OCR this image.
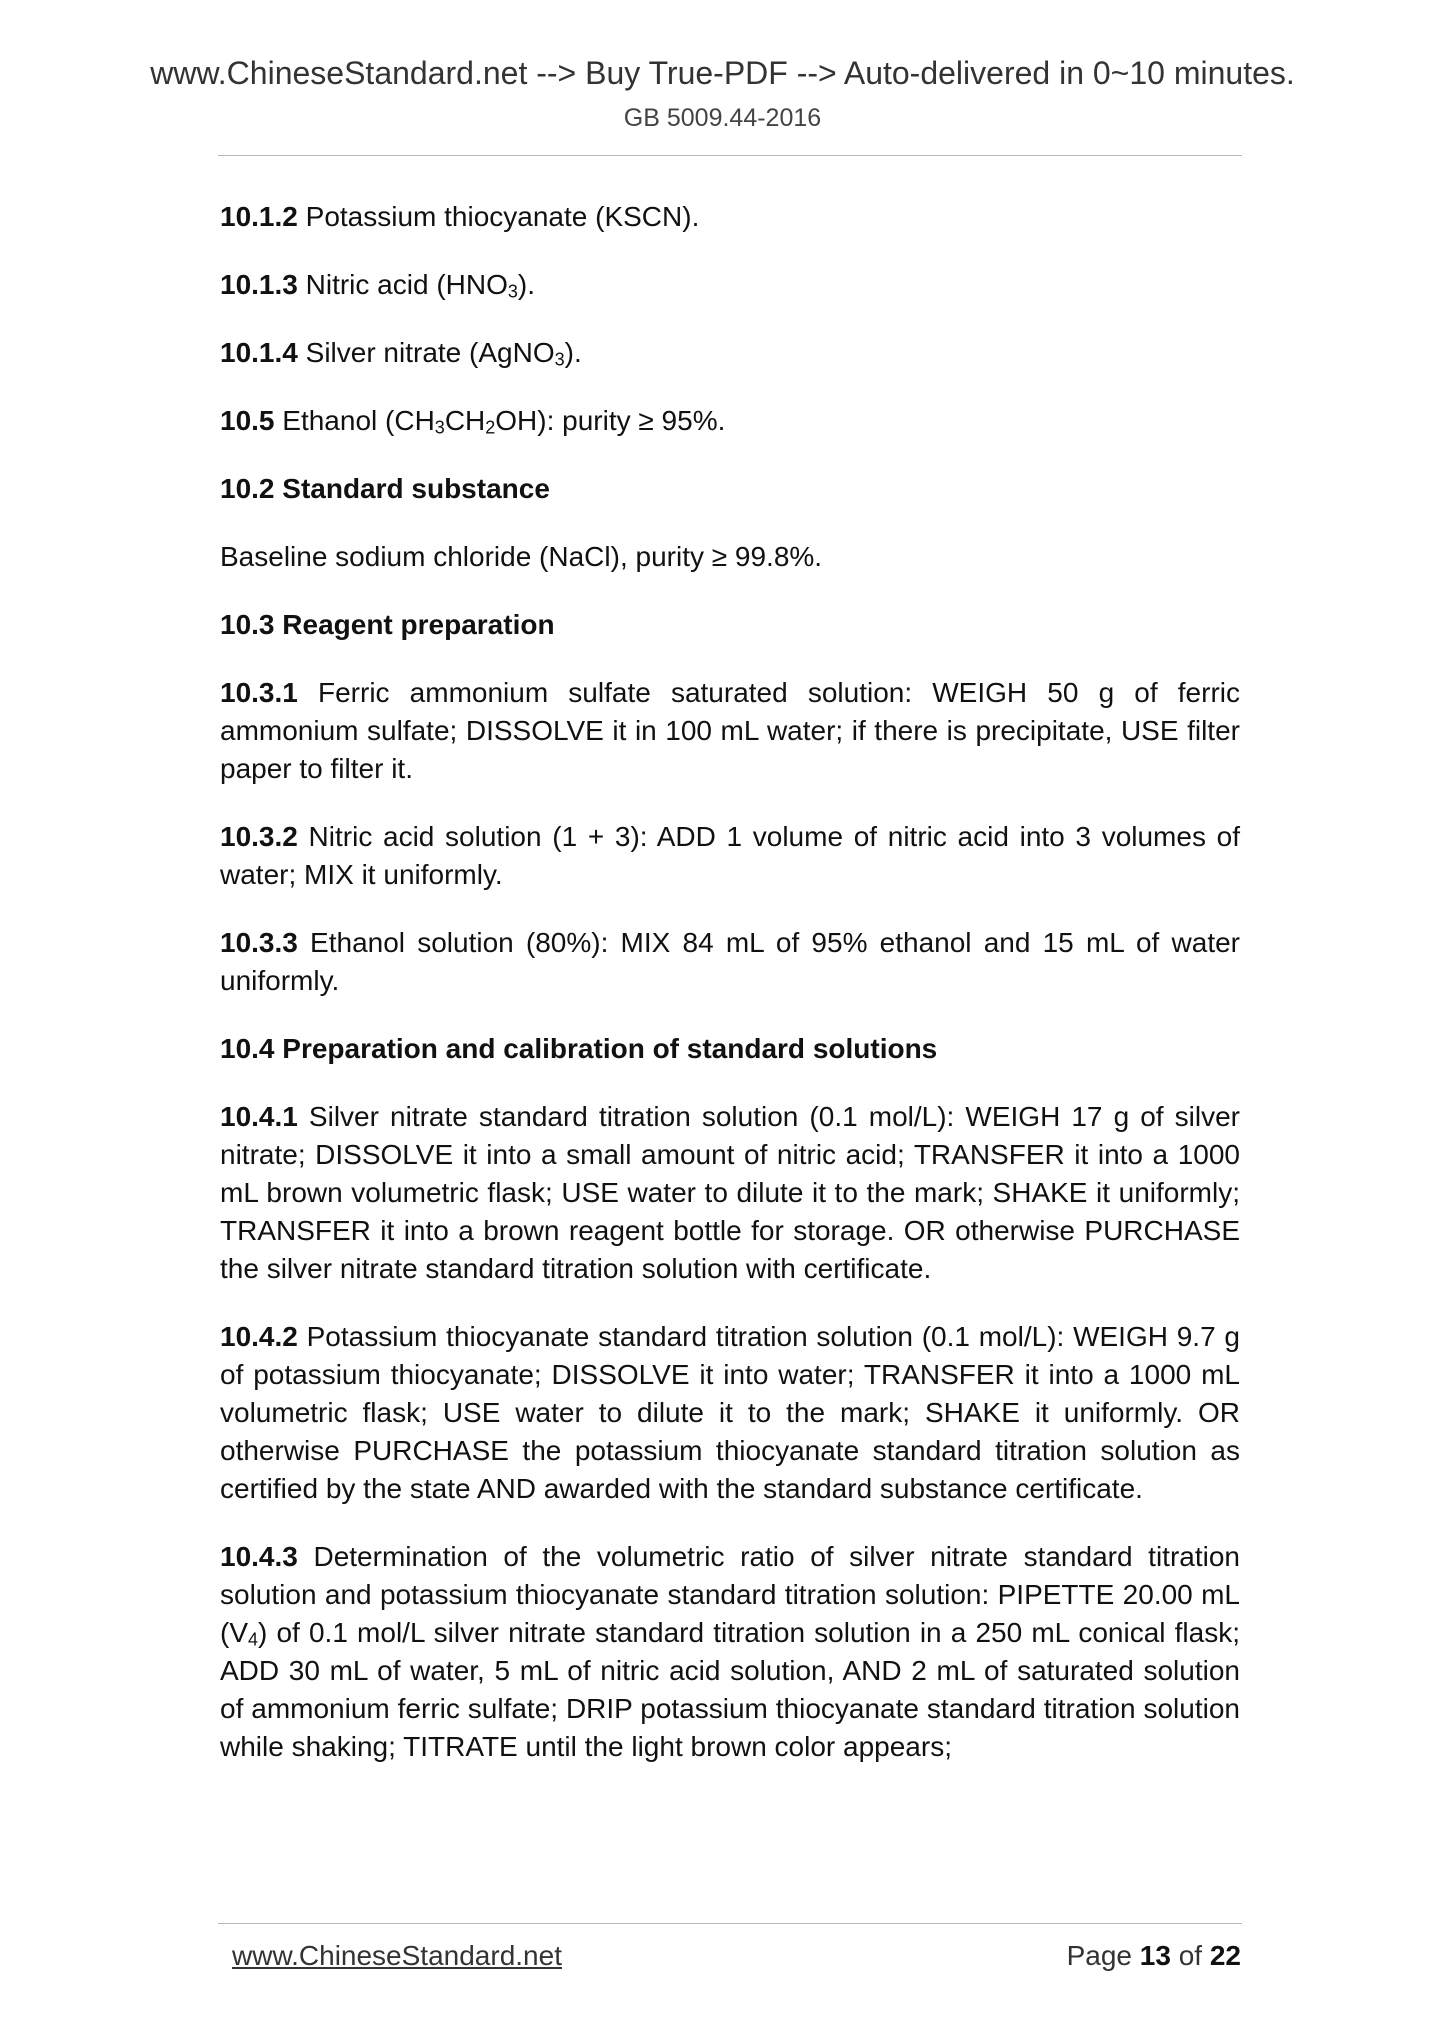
www.ChineseStandard.net --> Buy True-PDF --> Auto-delivered in 0~10 minutes.
GB 5009.44-2016

10.1.2 Potassium thiocyanate (KSCN).

10.1.3 Nitric acid $(HNO_3)$.

10.1.4 Silver nitrate (AgNO$_3$).

10.5 Ethanol $(CH_3CH_2OH)$: purity ≥ 95%.

10.2 Standard substance

Baseline sodium chloride (NaCl), purity ≥ 99.8%.

10.3 Reagent preparation

10.3.1 Ferric ammonium sulfate saturated solution: WEIGH 50 g of ferric ammonium sulfate; DISSOLVE it in 100 mL water; if there is precipitate, USE filter paper to filter it.

10.3.2 Nitric acid solution (1 + 3): ADD 1 volume of nitric acid into 3 volumes of water; MIX it uniformly.

10.3.3 Ethanol solution (80%): MIX 84 mL of 95% ethanol and 15 mL of water uniformly.

10.4 Preparation and calibration of standard solutions

10.4.1 Silver nitrate standard titration solution (0.1 mol/L): WEIGH 17 g of silver nitrate; DISSOLVE it into a small amount of nitric acid; TRANSFER it into a 1000 mL brown volumetric flask; USE water to dilute it to the mark; SHAKE it uniformly; TRANSFER it into a brown reagent bottle for storage. OR otherwise PURCHASE the silver nitrate standard titration solution with certificate.

10.4.2 Potassium thiocyanate standard titration solution (0.1 mol/L): WEIGH 9.7 g of potassium thiocyanate; DISSOLVE it into water; TRANSFER it into a 1000 mL volumetric flask; USE water to dilute it to the mark; SHAKE it uniformly. OR otherwise PURCHASE the potassium thiocyanate standard titration solution as certified by the state AND awarded with the standard substance certificate.

10.4.3 Determination of the volumetric ratio of silver nitrate standard titration solution and potassium thiocyanate standard titration solution: PIPETTE 20.00 mL $(V_4)$ of 0.1 mol/L silver nitrate standard titration solution in a 250 mL conical flask; ADD 30 mL of water, 5 mL of nitric acid solution, AND 2 mL of saturated solution of ammonium ferric sulfate; DRIP potassium thiocyanate standard titration solution while shaking; TITRATE until the light brown color appears;

www.ChineseStandard.net	Page 13 of 22
